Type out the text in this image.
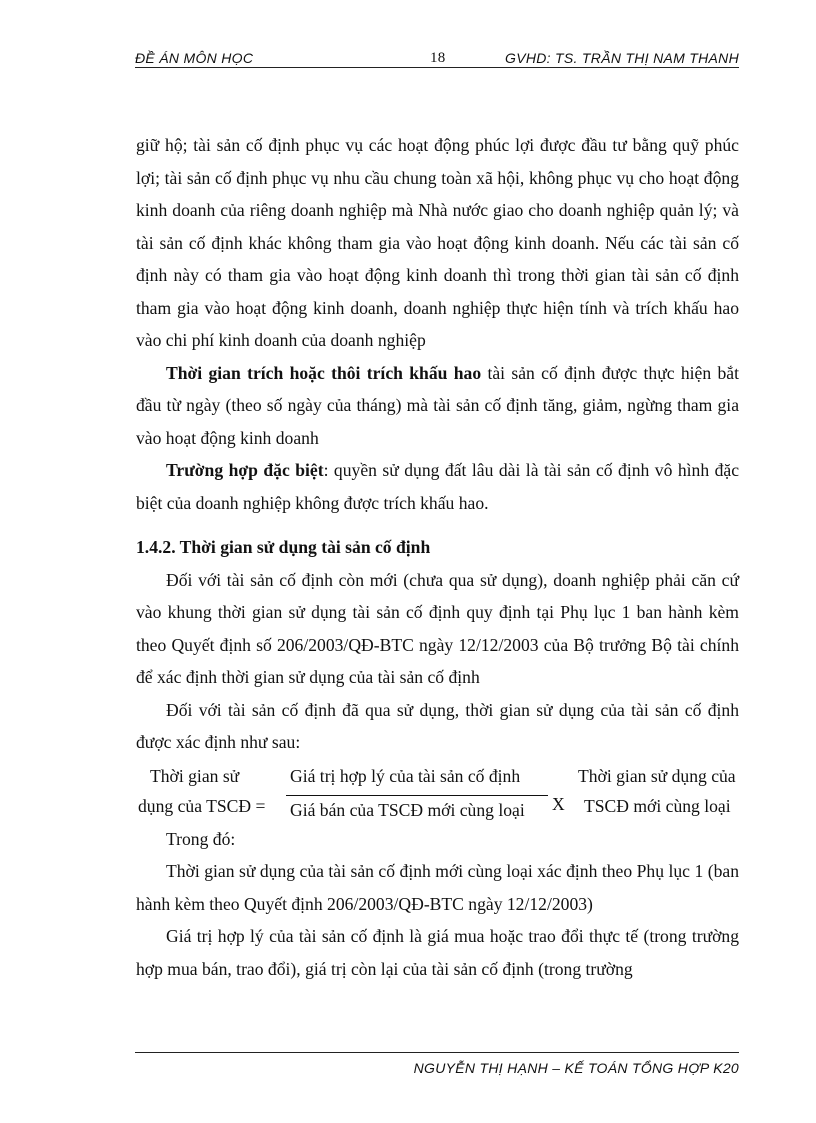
ĐỀ ÁN MÔN HỌC	18	GVHD: TS. TRẦN THỊ NAM THANH

giữ hộ; tài sản cố định phục vụ các hoạt động phúc lợi được đầu tư bằng quỹ phúc lợi; tài sản cố định phục vụ nhu cầu chung toàn xã hội, không phục vụ cho hoạt động kinh doanh của riêng doanh nghiệp mà Nhà nước giao cho doanh nghiệp quản lý; và tài sản cố định khác không tham gia vào hoạt động kinh doanh. Nếu các tài sản cố định này có tham gia vào hoạt động kinh doanh thì trong thời gian tài sản cố định tham gia vào hoạt động kinh doanh, doanh nghiệp thực hiện tính và trích khấu hao vào chi phí kinh doanh của doanh nghiệp

Thời gian trích hoặc thôi trích khấu hao tài sản cố định được thực hiện bắt đầu từ ngày (theo số ngày của tháng) mà tài sản cố định tăng, giảm, ngừng tham gia vào hoạt động kinh doanh

Trường hợp đặc biệt: quyền sử dụng đất lâu dài là tài sản cố định vô hình đặc biệt của doanh nghiệp không được trích khấu hao.

1.4.2. Thời gian sử dụng tài sản cố định

Đối với tài sản cố định còn mới (chưa qua sử dụng), doanh nghiệp phải căn cứ vào khung thời gian sử dụng tài sản cố định quy định tại Phụ lục 1 ban hành kèm theo Quyết định số 206/2003/QĐ-BTC ngày 12/12/2003 của Bộ trưởng Bộ tài chính để xác định thời gian sử dụng của tài sản cố định

Đối với tài sản cố định đã qua sử dụng, thời gian sử dụng của tài sản cố định được xác định như sau:

Thời gian sử
dụng của TSCĐ =
Giá trị hợp lý của tài sản cố định
Giá bán của TSCĐ mới cùng loại X
Thời gian sử dụng của
TSCĐ mới cùng loại

Trong đó:

Thời gian sử dụng của tài sản cố định mới cùng loại xác định theo Phụ lục 1 (ban hành kèm theo Quyết định 206/2003/QĐ-BTC ngày 12/12/2003)

Giá trị hợp lý của tài sản cố định là giá mua hoặc trao đổi thực tế (trong trường hợp mua bán, trao đổi), giá trị còn lại của tài sản cố định (trong trường

NGUYỄN THỊ HẠNH – KẾ TOÁN TỔNG HỢP K20
